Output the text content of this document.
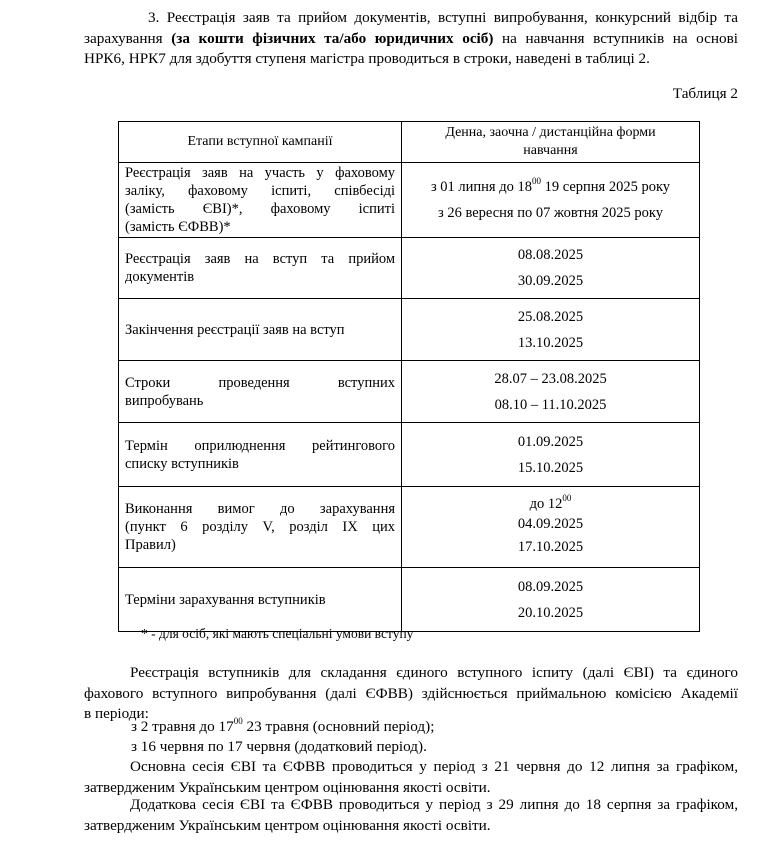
3. Реєстрація заяв та прийом документів, вступні випробування, конкурсний відбір та
зарахування (за кошти фізичних та/або юридичних осіб) на навчання вступників на основі
НРК6, НРК7 для здобуття ступеня магістра проводиться в строки, наведені в таблиці 2.
Таблиця 2
Етапи вступної кампанії	Денна, заочна / дистанційна форми
навчання

Реєстрація заяв на участь у фаховому
заліку, фаховому іспиті, співбесіді
(замість ЄВІ)*, фаховому іспиті
(замість ЄФВВ)*	з 01 липня до $18^{00}$ 19 серпня 2025 року
з 26 вересня по 07 жовтня 2025 року

Реєстрація заяв на вступ та прийом
документів	08.08.2025
30.09.2025

Закінчення реєстрації заяв на вступ	25.08.2025
13.10.2025

Строки проведення вступних
випробувань	28.07 – 23.08.2025
08.10 – 11.10.2025

Термін оприлюднення рейтингового
списку вступників	01.09.2025
15.10.2025

Виконання вимог до зарахування
(пункт 6 розділу V, розділ IX цих
Правил)	до $12^{00}$
04.09.2025
17.10.2025

Терміни зарахування вступників	08.09.2025
20.10.2025
* - для осіб, які мають спеціальні умови вступу
Реєстрація вступників для складання єдиного вступного іспиту (далі ЄВІ) та єдиного
фахового вступного випробування (далі ЄФВВ) здійснюється приймальною комісією Академії
в періоди:
з 2 травня до $17^{00}$ 23 травня (основний період);
з 16 червня по 17 червня (додатковий період).
Основна сесія ЄВІ та ЄФВВ проводиться у період з 21 червня до 12 липня за графіком,
затвердженим Українським центром оцінювання якості освіти.
Додаткова сесія ЄВІ та ЄФВВ проводиться у період з 29 липня до 18 серпня за графіком,
затвердженим Українським центром оцінювання якості освіти.
